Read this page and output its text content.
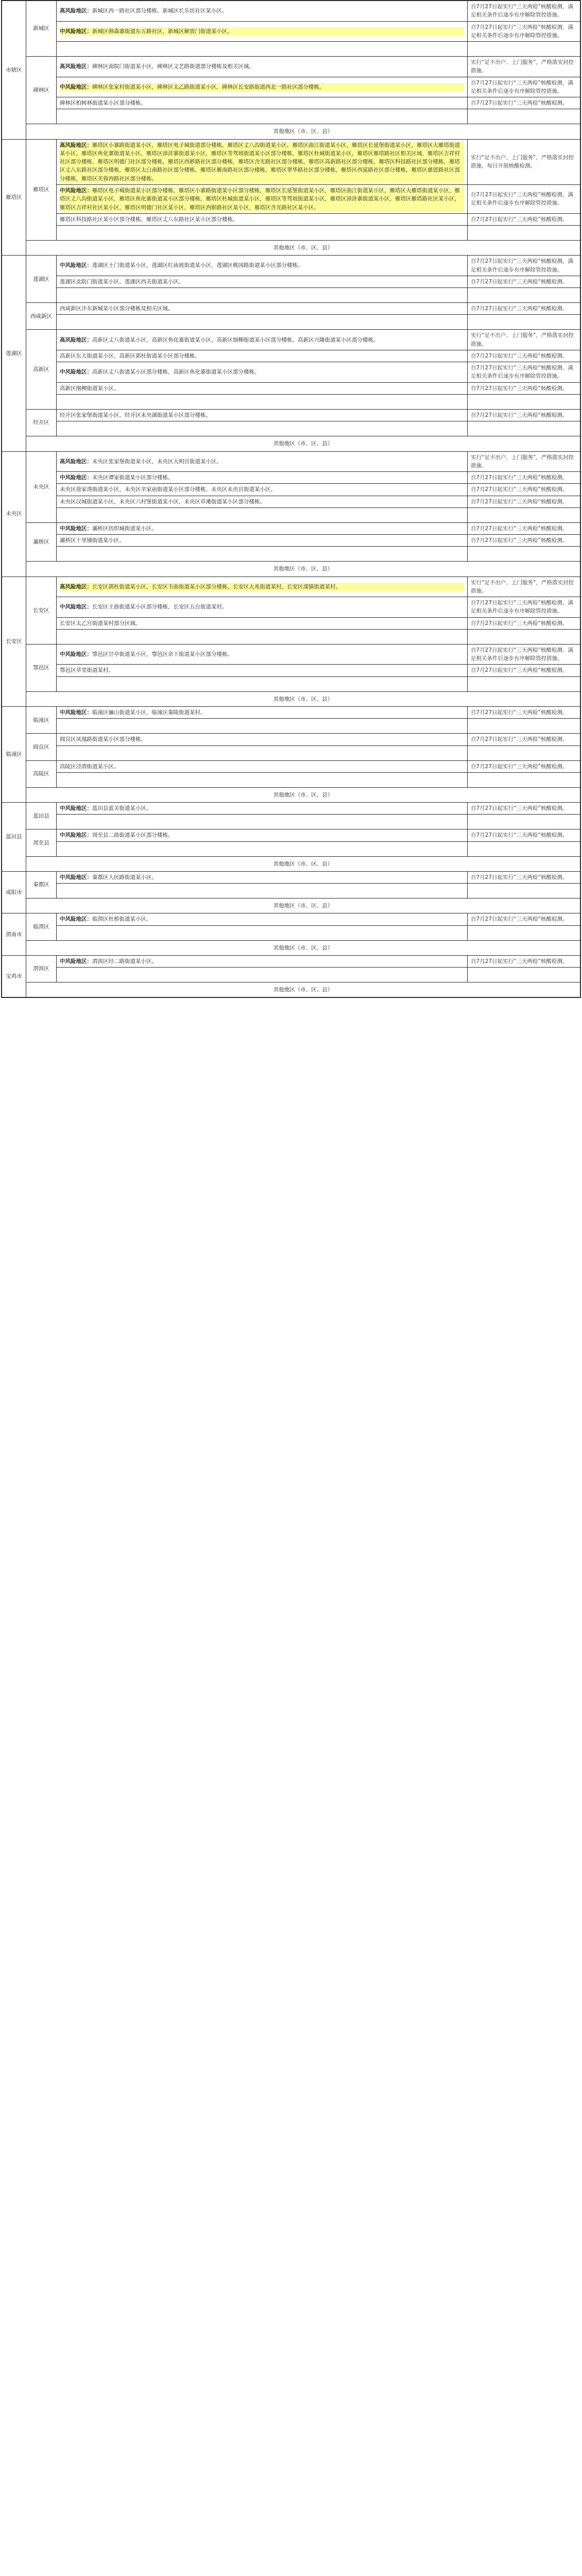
市辖区	新城区	高风险地区：新城区西一路社区部分楼栋、新城区长乐坊社区某小区。	自7月27日起实行“三天两检”核酸检测，满足相关条件后逐步有序解除管控措施。

		中风险地区：新城区韩森寨街道东五路社区，新城区解放门街道某小区。	自7月27日起实行“三天两检”核酸检测，满足相关条件后逐步有序解除管控措施。

	碑林区	高风险地区：碑林区南院门街道某小区，碑林区文艺路街道部分楼栋及相关区域。	实行“足不出户、上门服务”，严格落实封控措施。

		中风险地区：碑林区张家村街道某小区，碑林区太乙路街道某小区，碑林区长安路街道西北一路社区部分楼栋。	自7月27日起实行“三天两检”核酸检测，满足相关条件后逐步有序解除管控措施。

		碑林区柏树林街道某小区部分楼栋。	自7月27日起实行“三天两检”核酸检测。

	其他地区（市、区、县）		
雁塔区	雁塔区	高风险地区：雁塔区小寨路街道某小区，雁塔区电子城街道部分楼栋，雁塔区丈八沟街道某小区，雁塔区曲江街道某小区，雁塔区长延堡街道某小区，雁塔区大雁塔街道某小区，雁塔区鱼化寨街道某小区，雁塔区漳浒寨街道某小区，雁塔区等驾坡街道某小区部分楼栋，雁塔区杜城街道某小区，雁塔区雁塔路社区相关区域，雁塔区吉祥村社区部分楼栋，雁塔区明德门社区部分楼栋，雁塔区西影路社区部分楼栋，雁塔区含光路社区部分楼栋，雁塔区高新路社区部分楼栋，雁塔区科技路社区部分楼栋，雁塔区丈八东路社区部分楼栋，雁塔区太白南路社区部分楼栋，雁塔区雁南路社区部分楼栋，雁塔区翠华路社区部分楼栋，雁塔区西延路社区部分楼栋，雁塔区慈恩路社区部分楼栋，雁塔区芙蓉西路社区部分楼栋。	实行“足不出户、上门服务”，严格落实封控措施，每日开展核酸检测。

		中风险地区：雁塔区电子城街道某小区部分楼栋，雁塔区小寨路街道某小区部分楼栋，雁塔区长延堡街道某小区，雁塔区曲江街道某小区，雁塔区大雁塔街道某小区，雁塔区丈八沟街道某小区，雁塔区鱼化寨街道某小区部分楼栋，雁塔区杜城街道某小区，雁塔区等驾坡街道某小区，雁塔区漳浒寨街道某小区，雁塔区雁塔路社区某小区，雁塔区吉祥村社区某小区，雁塔区明德门社区某小区，雁塔区西影路社区某小区，雁塔区含光路社区某小区。	自7月27日起实行“三天两检”核酸检测，满足相关条件后逐步有序解除管控措施。

		雁塔区科技路社区某小区部分楼栋，雁塔区丈八东路社区某小区部分楼栋。	自7月27日起实行“三天两检”核酸检测。

	其他地区（市、区、县）		
莲湖区	莲湖区	中风险地区：莲湖区土门街道某小区，莲湖区红庙坡街道某小区，莲湖区桃园路街道某小区部分楼栋。	自7月27日起实行“三天两检”核酸检测，满足相关条件后逐步有序解除管控措施。

		莲湖区北院门街道某小区，莲湖区西关街道某小区。	自7月27日起实行“三天两检”核酸检测。

	西咸新区	西咸新区沣东新城某小区部分楼栋及相关区域。	自7月27日起实行“三天两检”核酸检测。

	高新区	高风险地区：高新区丈八街道某小区，高新区鱼化寨街道某小区，高新区细柳街道某小区部分楼栋，高新区兴隆街道某小区部分楼栋。	实行“足不出户、上门服务”，严格落实封控措施。

		高新区东大街道某小区，高新区郭杜街道某小区部分楼栋。	自7月27日起实行“三天两检”核酸检测。

		中风险地区：高新区丈八街道某小区部分楼栋，高新区鱼化寨街道某小区部分楼栋。	自7月27日起实行“三天两检”核酸检测，满足相关条件后逐步有序解除管控措施。

		高新区细柳街道某小区。	自7月27日起实行“三天两检”核酸检测。

	经开区	经开区张家堡街道某小区，经开区未央湖街道某小区部分楼栋。	自7月27日起实行“三天两检”核酸检测。

	其他地区（市、区、县）		
未央区	未央区	高风险地区：未央区张家堡街道某小区，未央区大明宫街道某小区。	实行“足不出户、上门服务”，严格落实封控措施。

		中风险地区：未央区谭家街道某小区部分楼栋。	自7月27日起实行“三天两检”核酸检测。

		未央区徐家湾街道某小区，未央区辛家庙街道某小区部分楼栋，未央区未央宫街道某小区。	自7月27日起实行“三天两检”核酸检测。

		未央区汉城街道某小区，未央区六村堡街道某小区，未央区草滩街道某小区部分楼栋。	自7月27日起实行“三天两检”核酸检测。

	灞桥区	中风险地区：灞桥区纺织城街道某小区。	自7月27日起实行“三天两检”核酸检测。

		灞桥区十里铺街道某小区。	自7月27日起实行“三天两检”核酸检测。

	其他地区（市、区、县）		
长安区	长安区	高风险地区：长安区郭杜街道某小区，长安区韦曲街道某小区部分楼栋，长安区大兆街道某村，长安区滦镇街道某村。	实行“足不出户、上门服务”，严格落实封控措施。

		中风险地区：长安区王曲街道某小区部分楼栋，长安区五台街道某村。	自7月27日起实行“三天两检”核酸检测，满足相关条件后逐步有序解除管控措施。

		长安区太乙宫街道某村部分区域。	自7月27日起实行“三天两检”核酸检测。

	鄠邑区	中风险地区：鄠邑区甘亭街道某小区，鄠邑区余下街道某小区部分楼栋。	自7月27日起实行“三天两检”核酸检测，满足相关条件后逐步有序解除管控措施。

		鄠邑区草堂街道某村。	自7月27日起实行“三天两检”核酸检测。

	其他地区（市、区、县）		
临潼区	临潼区	中风险地区：临潼区骊山街道某小区，临潼区秦陵街道某村。	自7月27日起实行“三天两检”核酸检测。

	阎良区	阎良区凤凰路街道某小区部分楼栋。	自7月27日起实行“三天两检”核酸检测。

	高陵区	高陵区泾渭街道某小区。	自7月27日起实行“三天两检”核酸检测。

	其他地区（市、区、县）		
蓝田县	蓝田县	中风险地区：蓝田县蓝关街道某小区。	自7月27日起实行“三天两检”核酸检测。

	周至县	中风险地区：周至县二曲街道某小区部分楼栋。	自7月27日起实行“三天两检”核酸检测。

	其他地区（市、区、县）		
咸阳市	秦都区	中风险地区：秦都区人民路街道某小区。	自7月27日起实行“三天两检”核酸检测。

	其他地区（市、区、县）		
渭南市	临渭区	中风险地区：临渭区杜桥街道某小区。	自7月27日起实行“三天两检”核酸检测。

	其他地区（市、区、县）		
宝鸡市	渭滨区	中风险地区：渭滨区经二路街道某小区。	自7月27日起实行“三天两检”核酸检测。

	其他地区（市、区、县）		
